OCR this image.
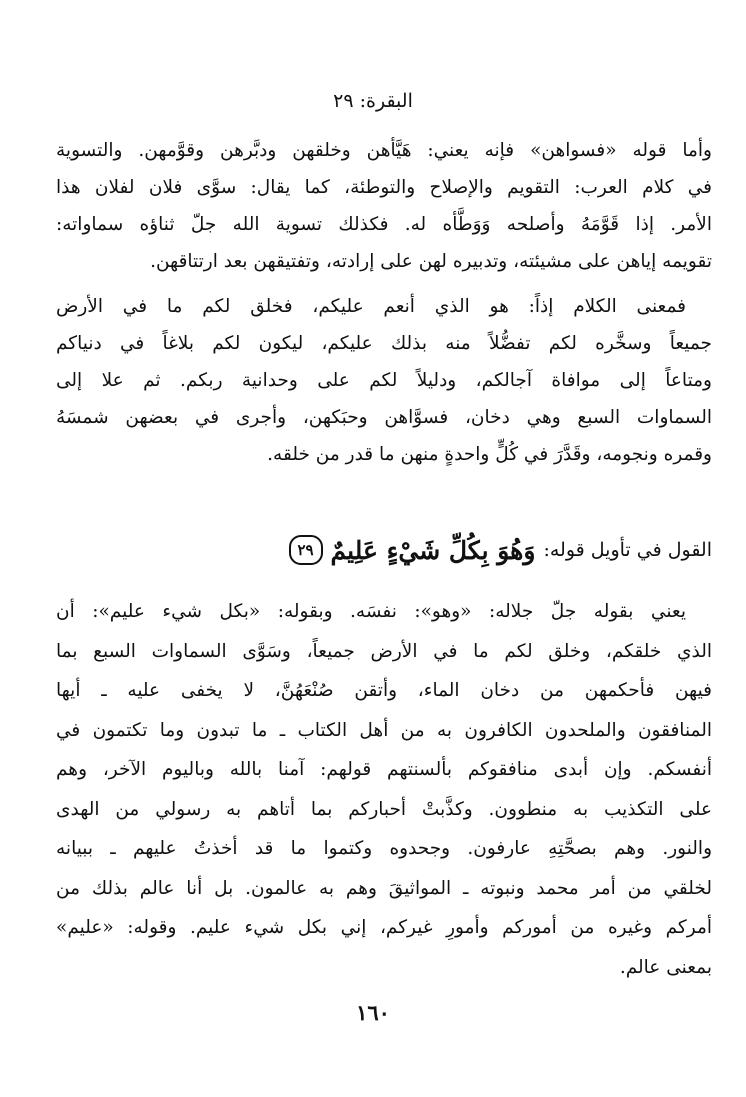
البقرة: ٢٩
وأما قوله «فسواهن» فإنه يعني: هَيَّأهن وخلقهن ودبَّرهن وقوَّمهن. والتسوية
في كلام العرب: التقويم والإصلاح والتوطئة، كما يقال: سوَّى فلان لفلان هذا
الأمر. إذا قَوَّمَهُ وأصلحه وَوَطَّأه له. فكذلك تسوية الله جلّ ثناؤه سماواته:
تقويمه إياهن على مشيئته، وتدبيره لهن على إرادته، وتفتيقهن بعد ارتتاقهن.
فمعنى الكلام إذاً: هو الذي أنعم عليكم، فخلق لكم ما في الأرض
جميعاً وسخَّره لكم تفضُّلاً منه بذلك عليكم، ليكون لكم بلاغاً في دنياكم
ومتاعاً إلى موافاة آجالكم، ودليلاً لكم على وحدانية ربكم. ثم علا إلى
السماوات السبع وهي دخان، فسوَّاهن وحبَكهن، وأجرى في بعضهن شمسَهُ
وقمره ونجومه، وقَدَّرَ في كُلٍّ واحدةٍ منهن ما قدر من خلقه.
القول في تأويل قوله:
وَهُوَ بِكُلِّ شَيْءٍ عَلِيمٌ
٢٩
يعني بقوله جلّ جلاله: «وهو»: نفسَه. وبقوله: «بكل شيء عليم»: أن
الذي خلقكم، وخلق لكم ما في الأرض جميعاً، وسَوَّى السماوات السبع بما
فيهن فأحكمهن من دخان الماء، وأتقن صُنْعَهُنَّ، لا يخفى عليه ـ أيها
المنافقون والملحدون الكافرون به من أهل الكتاب ـ ما تبدون وما تكتمون في
أنفسكم. وإن أبدى منافقوكم بألسنتهم قولهم: آمنا بالله وباليوم الآخر، وهم
على التكذيب به منطوون. وكذَّبتْ أحباركم بما أتاهم به رسولي من الهدى
والنور. وهم بصحَّتِهِ عارفون. وجحدوه وكتموا ما قد أخذتُ عليهم ـ ببيانه
لخلقي من أمر محمد ونبوته ـ المواثيقَ وهم به عالمون. بل أنا عالم بذلك من
أمركم وغيره من أموركم وأمورِ غيركم، إني بكل شيء عليم. وقوله: «عليم»
بمعنى عالم.
١٦٠
